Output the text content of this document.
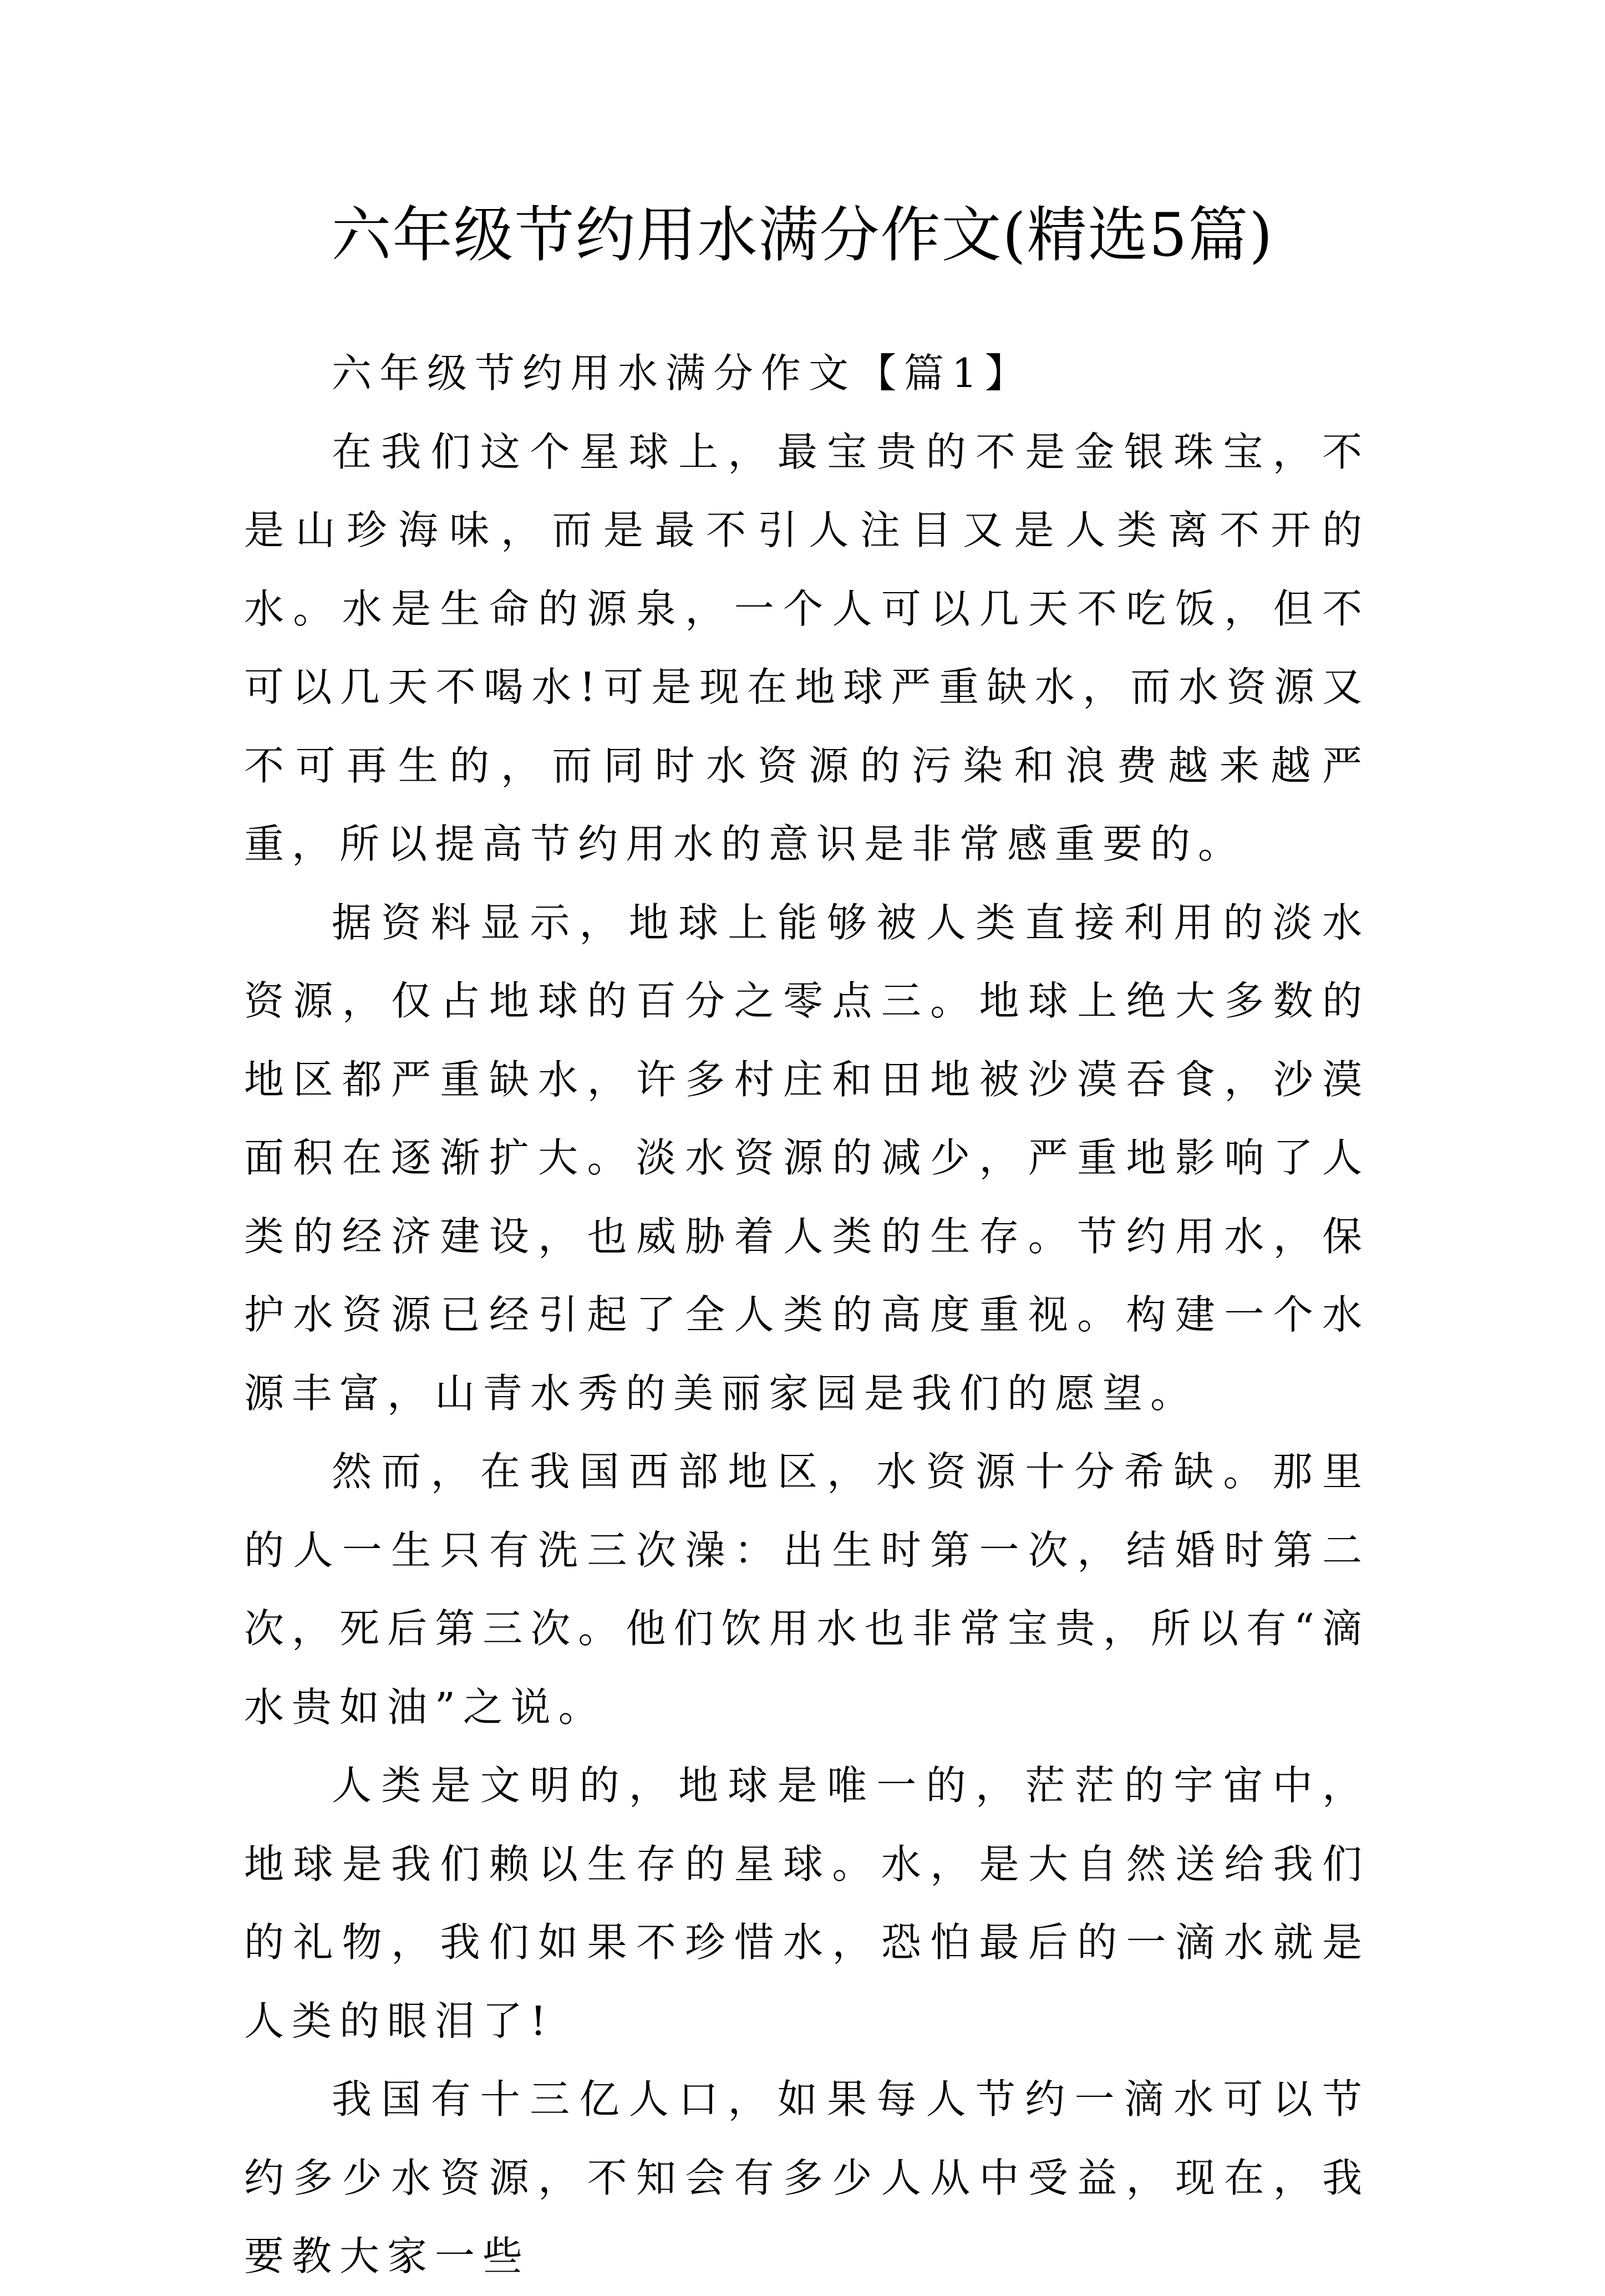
六年级节约用水满分作文(精选5篇)
六年级节约用水满分作文【篇1】

在我们这个星球上，最宝贵的不是金银珠宝，不是山珍海味，而是最不引人注目又是人类离不开的水。水是生命的源泉，一个人可以几天不吃饭，但不可以几天不喝水!可是现在地球严重缺水，而水资源又不可再生的，而同时水资源的污染和浪费越来越严重，所以提高节约用水的意识是非常感重要的。

据资料显示，地球上能够被人类直接利用的淡水资源，仅占地球的百分之零点三。地球上绝大多数的地区都严重缺水，许多村庄和田地被沙漠吞食，沙漠面积在逐渐扩大。淡水资源的减少，严重地影响了人类的经济建设，也威胁着人类的生存。节约用水，保护水资源已经引起了全人类的高度重视。构建一个水源丰富，山青水秀的美丽家园是我们的愿望。

然而，在我国西部地区，水资源十分希缺。那里的人一生只有洗三次澡：出生时第一次，结婚时第二次，死后第三次。他们饮用水也非常宝贵，所以有“滴水贵如油”之说。

人类是文明的，地球是唯一的，茫茫的宇宙中，地球是我们赖以生存的星球。水，是大自然送给我们的礼物，我们如果不珍惜水，恐怕最后的一滴水就是人类的眼泪了!

我国有十三亿人口，如果每人节约一滴水可以节约多少水资源，不知会有多少人从中受益，现在，我要教大家一些
